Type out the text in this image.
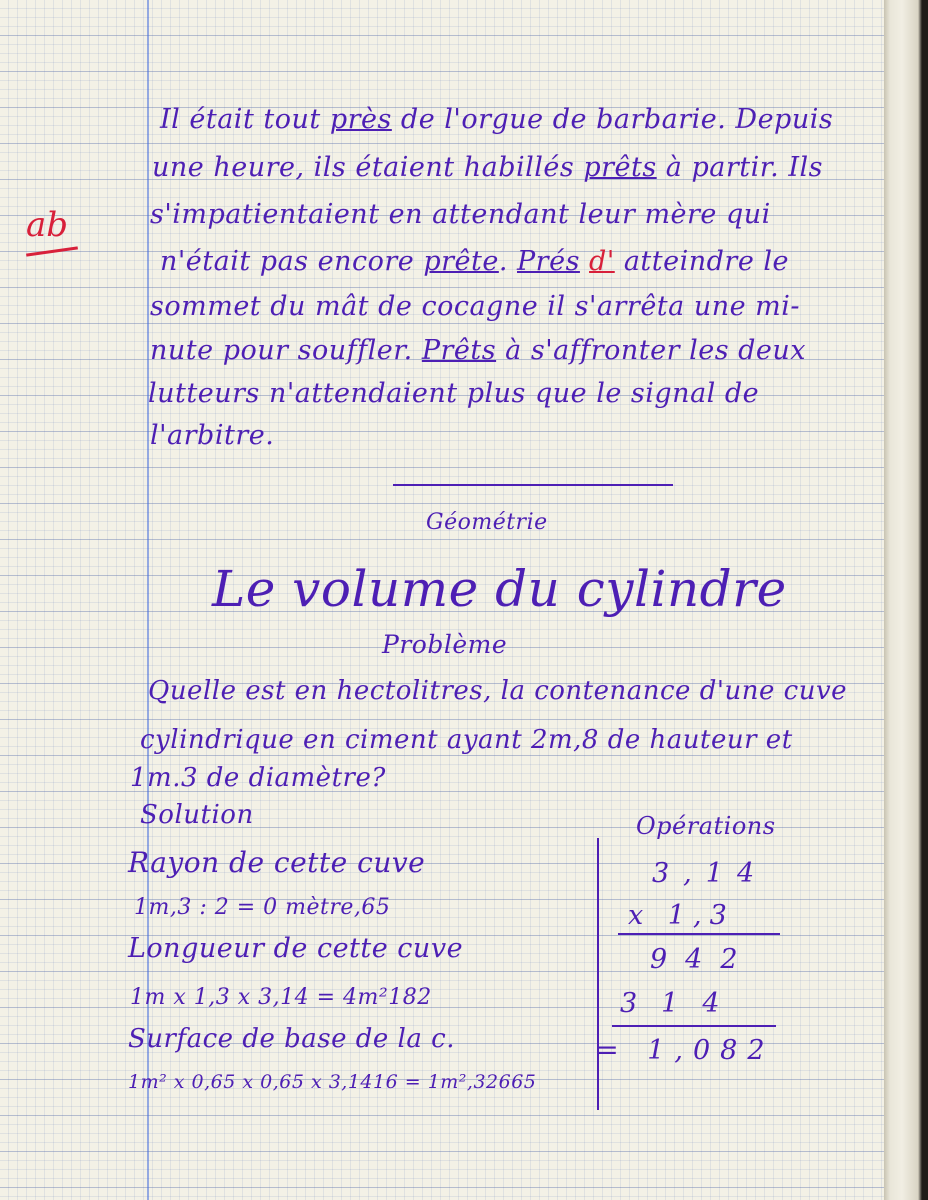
ab

Il était tout près de l'orgue de barbarie. Depuis

une heure, ils étaient habillés prêts à partir. Ils

s'impatientaient en attendant leur mère qui

n'était pas encore prête. Prés d' atteindre le

sommet du mât de cocagne il s'arrêta une mi-

nute pour souffler. Prêts à s'affronter les deux

lutteurs n'attendaient plus que le signal de

l'arbitre.

Géométrie

Le volume du cylindre

Problème

Quelle est en hectolitres, la contenance d'une cuve

cylindrique en ciment ayant 2m,8 de hauteur et

1m.3 de diamètre?

Solution

Rayon de cette cuve

1m,3 : 2 = 0 mètre,65

Longueur de cette cuve

1m x 1,3 x 3,14 = 4m²182

Surface de base de la c.

1m² x 0,65 x 0,65 x 3,1416 = 1m²,32665

Opérations

3,14

x 1,3

942

314

= 1,082
